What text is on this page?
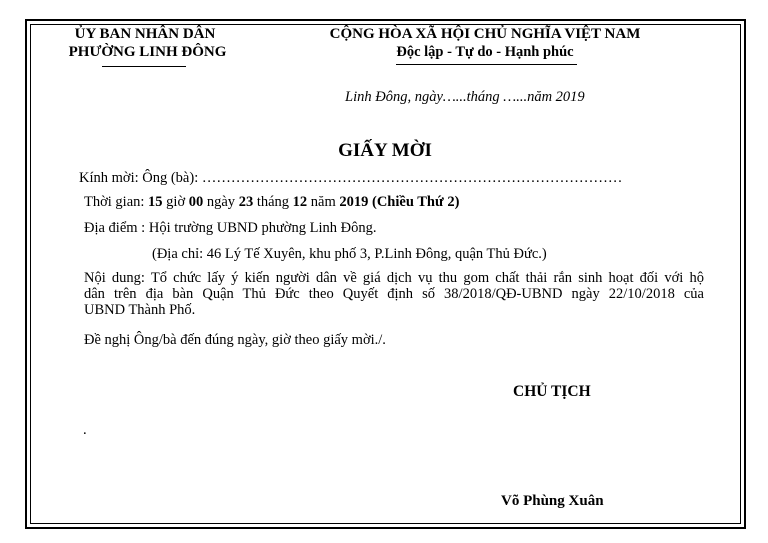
ỦY BAN NHÂN DÂN
PHƯỜNG LINH ĐÔNG
CỘNG HÒA XÃ HỘI CHỦ NGHĨA VIỆT NAM
Độc lập - Tự do - Hạnh phúc
Linh Đông, ngày…...tháng …...năm 2019
GIẤY MỜI
Kính mời: Ông (bà): ……………………………………………………………………………
Thời gian: 15 giờ 00 ngày 23 tháng 12 năm 2019 (Chiều Thứ 2)
Địa điểm : Hội trường UBND phường Linh Đông.
(Địa chỉ: 46 Lý Tế Xuyên, khu phố 3, P.Linh Đông, quận Thủ Đức.)
Nội dung: Tổ chức lấy ý kiến người dân về giá dịch vụ thu gom chất thải rắn sinh hoạt đối với hộ
dân trên địa bàn Quận Thủ Đức theo Quyết định số 38/2018/QĐ-UBND ngày 22/10/2018 của
UBND Thành Phố.
Đề nghị Ông/bà đến đúng ngày, giờ theo giấy mời./.
CHỦ TỊCH
.
Võ Phùng Xuân
